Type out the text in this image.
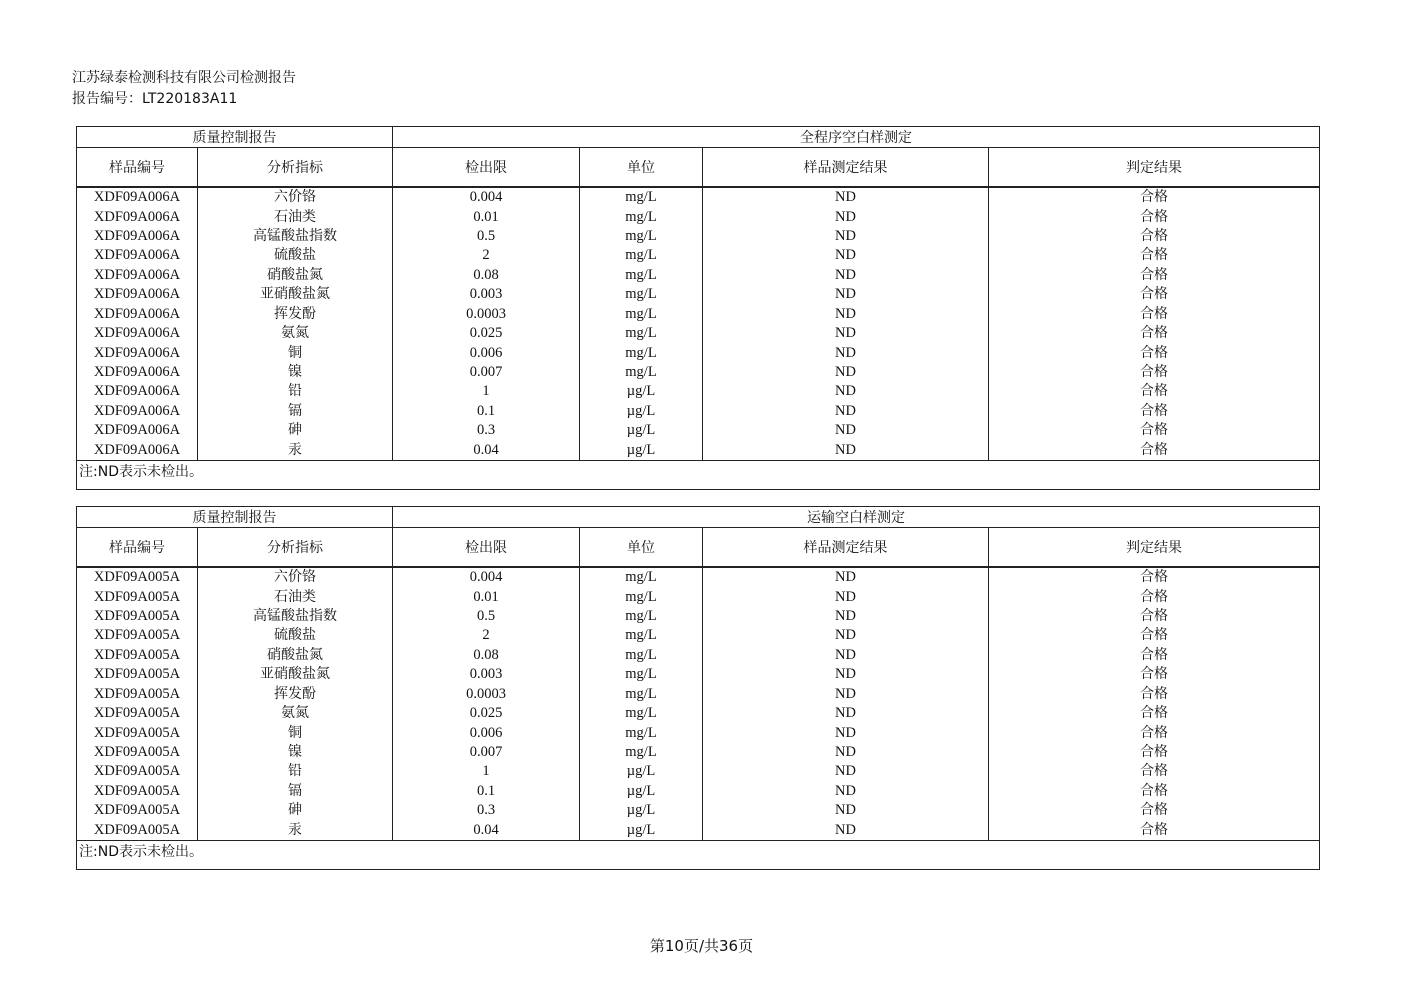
江苏绿泰检测科技有限公司检测报告
报告编号：LT220183A11
质量控制报告		全程序空白样测定			
样品编号	分析指标	检出限	单位	样品测定结果	判定结果
XDF09A006A	六价铬	0.004	mg/L	ND	合格
XDF09A006A	石油类	0.01	mg/L	ND	合格
XDF09A006A	高锰酸盐指数	0.5	mg/L	ND	合格
XDF09A006A	硫酸盐	2	mg/L	ND	合格
XDF09A006A	硝酸盐氮	0.08	mg/L	ND	合格
XDF09A006A	亚硝酸盐氮	0.003	mg/L	ND	合格
XDF09A006A	挥发酚	0.0003	mg/L	ND	合格
XDF09A006A	氨氮	0.025	mg/L	ND	合格
XDF09A006A	铜	0.006	mg/L	ND	合格
XDF09A006A	镍	0.007	mg/L	ND	合格
XDF09A006A	铅	1	µg/L	ND	合格
XDF09A006A	镉	0.1	µg/L	ND	合格
XDF09A006A	砷	0.3	µg/L	ND	合格
XDF09A006A	汞	0.04	µg/L	ND	合格
注:ND表示未检出。					
质量控制报告		运输空白样测定			
样品编号	分析指标	检出限	单位	样品测定结果	判定结果
XDF09A005A	六价铬	0.004	mg/L	ND	合格
XDF09A005A	石油类	0.01	mg/L	ND	合格
XDF09A005A	高锰酸盐指数	0.5	mg/L	ND	合格
XDF09A005A	硫酸盐	2	mg/L	ND	合格
XDF09A005A	硝酸盐氮	0.08	mg/L	ND	合格
XDF09A005A	亚硝酸盐氮	0.003	mg/L	ND	合格
XDF09A005A	挥发酚	0.0003	mg/L	ND	合格
XDF09A005A	氨氮	0.025	mg/L	ND	合格
XDF09A005A	铜	0.006	mg/L	ND	合格
XDF09A005A	镍	0.007	mg/L	ND	合格
XDF09A005A	铅	1	µg/L	ND	合格
XDF09A005A	镉	0.1	µg/L	ND	合格
XDF09A005A	砷	0.3	µg/L	ND	合格
XDF09A005A	汞	0.04	µg/L	ND	合格
注:ND表示未检出。					
第10页/共36页
